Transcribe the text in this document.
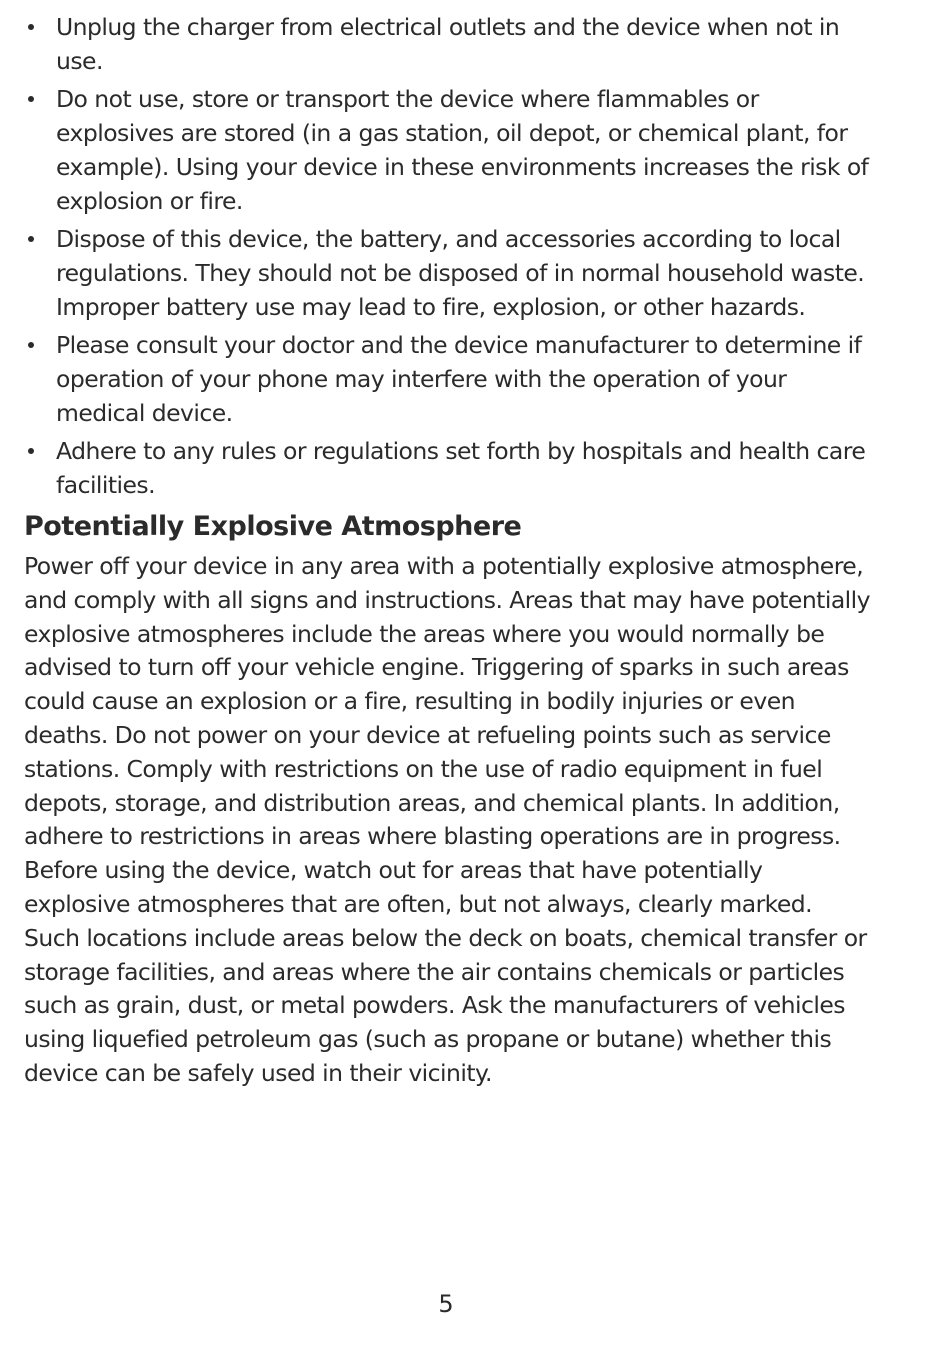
Unplug the charger from electrical outlets and the device when not in use.
Do not use, store or transport the device where flammables or explosives are stored (in a gas station, oil depot, or chemical plant, for example). Using your device in these environments increases the risk of explosion or fire.
Dispose of this device, the battery, and accessories according to local regulations. They should not be disposed of in normal household waste. Improper battery use may lead to fire, explosion, or other hazards.
Please consult your doctor and the device manufacturer to determine if operation of your phone may interfere with the operation of your medical device.
Adhere to any rules or regulations set forth by hospitals and health care facilities.
Potentially Explosive Atmosphere

Power off your device in any area with a potentially explosive atmosphere, and comply with all signs and instructions. Areas that may have potentially explosive atmospheres include the areas where you would normally be advised to turn off your vehicle engine. Triggering of sparks in such areas could cause an explosion or a fire, resulting in bodily injuries or even deaths. Do not power on your device at refueling points such as service stations. Comply with restrictions on the use of radio equipment in fuel depots, storage, and distribution areas, and chemical plants. In addition, adhere to restrictions in areas where blasting operations are in progress. Before using the device, watch out for areas that have potentially explosive atmospheres that are often, but not always, clearly marked. Such locations include areas below the deck on boats, chemical transfer or storage facilities, and areas where the air contains chemicals or particles such as grain, dust, or metal powders. Ask the manufacturers of vehicles using liquefied petroleum gas (such as propane or butane) whether this device can be safely used in their vicinity.

5
